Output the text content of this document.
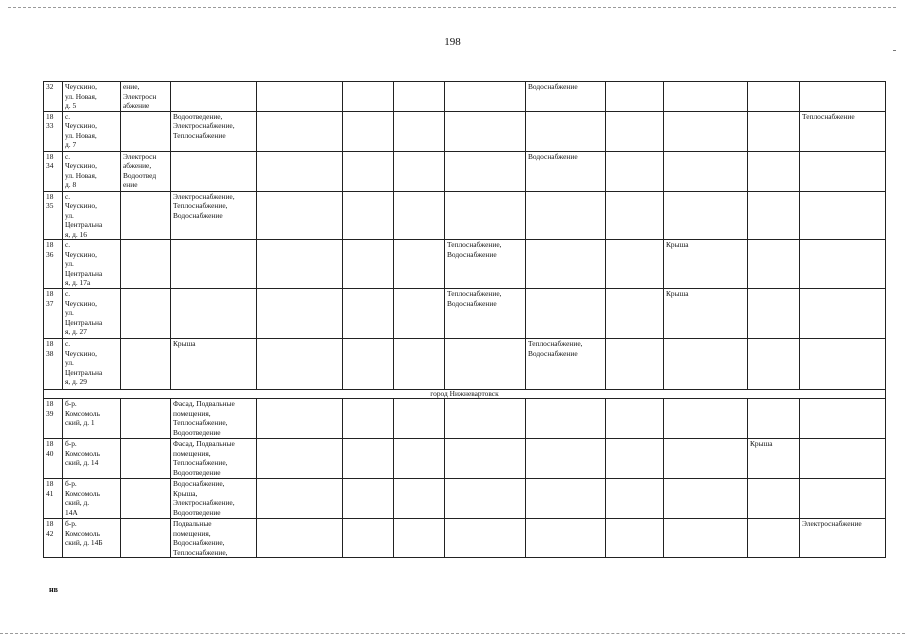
198
32	Чеускино,
ул. Новая,
д. 5	ение,
Электросн
абжение						Водоснабжение				
18
33	с.
Чеускино,
ул. Новая,
д. 7		Водоотведение,
Электроснабжение,
Теплоснабжение									Теплоснабжение
18
34	с.
Чеускино,
ул. Новая,
д. 8	Электросн
абжение,
Водоотвед
ение						Водоснабжение				
18
35	с.
Чеускино,
ул.
Центральна
я, д. 16		Электроснабжение,
Теплоснабжение,
Водоснабжение									
18
36	с.
Чеускино,
ул.
Центральна
я, д. 17а						Теплоснабжение,
Водоснабжение			Крыша		
18
37	с.
Чеускино,
ул.
Центральна
я, д. 27						Теплоснабжение,
Водоснабжение			Крыша		
18
38	с.
Чеускино,
ул.
Центральна
я, д. 29		Крыша					Теплоснабжение,
Водоснабжение				
город Нижневартовск												
18
39	б-р.
Комсомоль
ский, д. 1		Фасад, Подвальные
помещения,
Теплоснабжение,
Водоотведение									
18
40	б-р.
Комсомоль
ский, д. 14		Фасад, Подвальные
помещения,
Теплоснабжение,
Водоотведение								Крыша	
18
41	б-р.
Комсомоль
ский, д.
14А		Водоснабжение,
Крыша,
Электроснабжение,
Водоотведение									
18
42	б-р.
Комсомоль
ский, д. 14Б		Подвальные
помещения,
Водоснабжение,
Теплоснабжение,									Электроснабжение
нв
